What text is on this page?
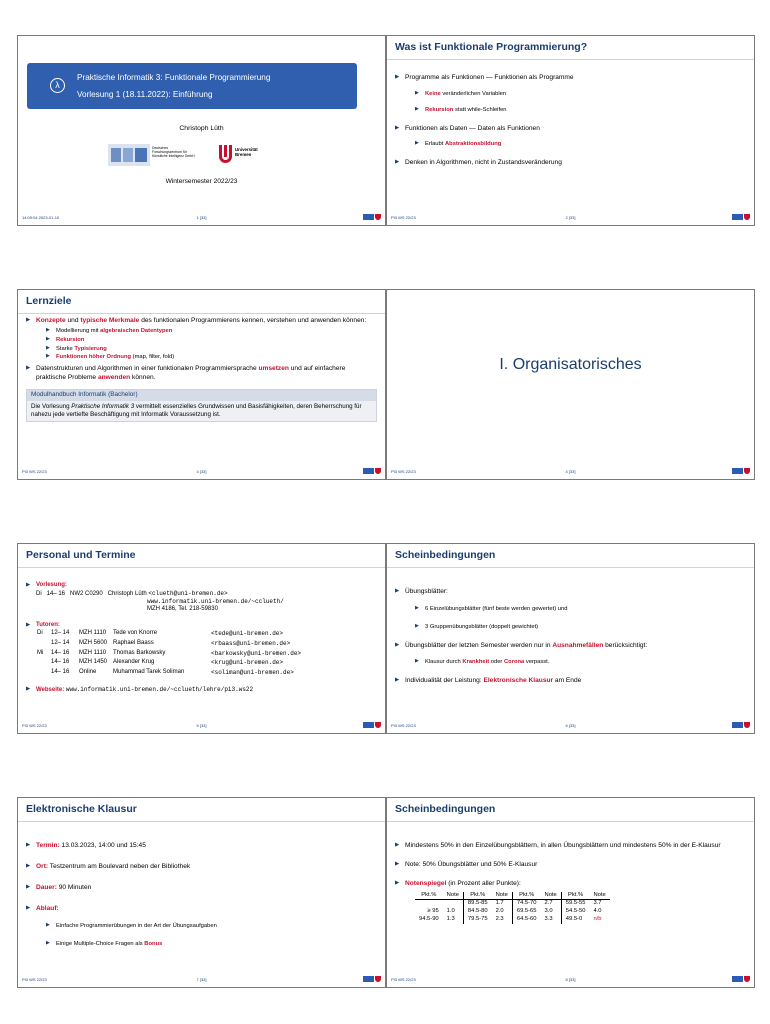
λ
Praktische Informatik 3: Funktionale Programmierung
Vorlesung 1 (18.11.2022): Einführung
Christoph Lüth
Deutsches Forschungszentrum für Künstliche Intelligenz GmbH
Universität Bremen
Wintersemester 2022/23
14:09:04 2023-01-10	1 [33]
Was ist Funktionale Programmierung?
▶ Programme als Funktionen — Funktionen als Programme
▶ Keine veränderlichen Variablen
▶ Rekursion statt while-Schleifen
▶ Funktionen als Daten — Daten als Funktionen
▶ Erlaubt Abstraktionsbildung
▶ Denken in Algorithmen, nicht in Zustandsveränderung
PI3 WS 22/23	2 [33]
Lernziele
▶ Konzepte und typische Merkmale des funktionalen Programmierens kennen, verstehen und anwenden können:
▶ Modellierung mit algebraischen Datentypen
▶ Rekursion
▶ Starke Typisierung
▶ Funktionen höher Ordnung (map, filter, fold)
▶ Datenstrukturen und Algorithmen in einer funktionalen Programmiersprache umsetzen und auf einfachere praktische Probleme anwenden können.
Modulhandbuch Informatik (Bachelor)
Die Vorlesung Praktische Informatik 3 vermittelt essenzielles Grundwissen und Basisfähigkeiten, deren Beherrschung für nahezu jede vertiefte Beschäftigung mit Informatik Voraussetzung ist.
PI3 WS 22/23	4 [33]
I. Organisatorisches
PI3 WS 22/23	4 [33]
Personal und Termine
▶ Vorlesung:
Di   14– 16   NW2 C0290   Christoph Lüth <clueth@uni-bremen.de>
www.informatik.uni-bremen.de/~cclueth/
MZH 4186, Tel. 218-59830
▶ Tutoren:
Di	12– 14	MZH 1110	Tede von Knorre	<tede@uni-bremen.de>
	12– 14	MZH 5600	Raphael Baass	<rbaass@uni-bremen.de>
Mi	14– 16	MZH 1110	Thomas Barkowsky	<barkowsky@uni-bremen.de>
	14– 16	MZH 1450	Alexander Krug	<krug@uni-bremen.de>
	14– 16	Online	Muhammad Tarek Soliman	<soliman@uni-bremen.de>
▶ Webseite: www.informatik.uni-bremen.de/~cclueth/lehre/pi3.ws22
PI3 WS 22/23	5 [33]
Scheinbedingungen
▶ Übungsblätter:
▶ 6 Einzelübungsblätter (fünf beste werden gewertet) und
▶ 3 Gruppenübungsblätter (doppelt gewichtet)
▶ Übungsblätter der letzten Semester werden nur in Ausnahmefällen berücksichtigt:
▶ Klausur durch Krankheit oder Corona verpasst.
▶ Individualität der Leistung: Elektronische Klausur am Ende
PI3 WS 22/23	6 [33]
Elektronische Klausur
▶ Termin: 13.03.2023, 14:00 und 15:45
▶ Ort: Testzentrum am Boulevard neben der Bibliothek
▶ Dauer: 90 Minuten
▶ Ablauf:
▶ Einfache Programmierübungen in der Art der Übungsaufgaben
▶ Einige Multiple-Choice Fragen als Bonus
PI3 WS 22/23	7 [33]
Scheinbedingungen
▶ Mindestens 50% in den Einzelübungsblättern, in allen Übungsblättern und mindestens 50% in der E-Klausur
▶ Note: 50% Übungsblätter und 50% E-Klausur
▶ Notenspiegel (in Prozent aller Punkte):
Pkt.%	Note	Pkt.%	Note	Pkt.%	Note	Pkt.%	Note
		89.5-85	1.7	74.5-70	2.7	59.5-55	3.7
≥ 95	1.0	84.5-80	2.0	69.5-65	3.0	54.5-50	4.0
94.5-90	1.3	79.5-75	2.3	64.5-60	3.3	49.5-0	n/b
PI3 WS 22/23	8 [33]
